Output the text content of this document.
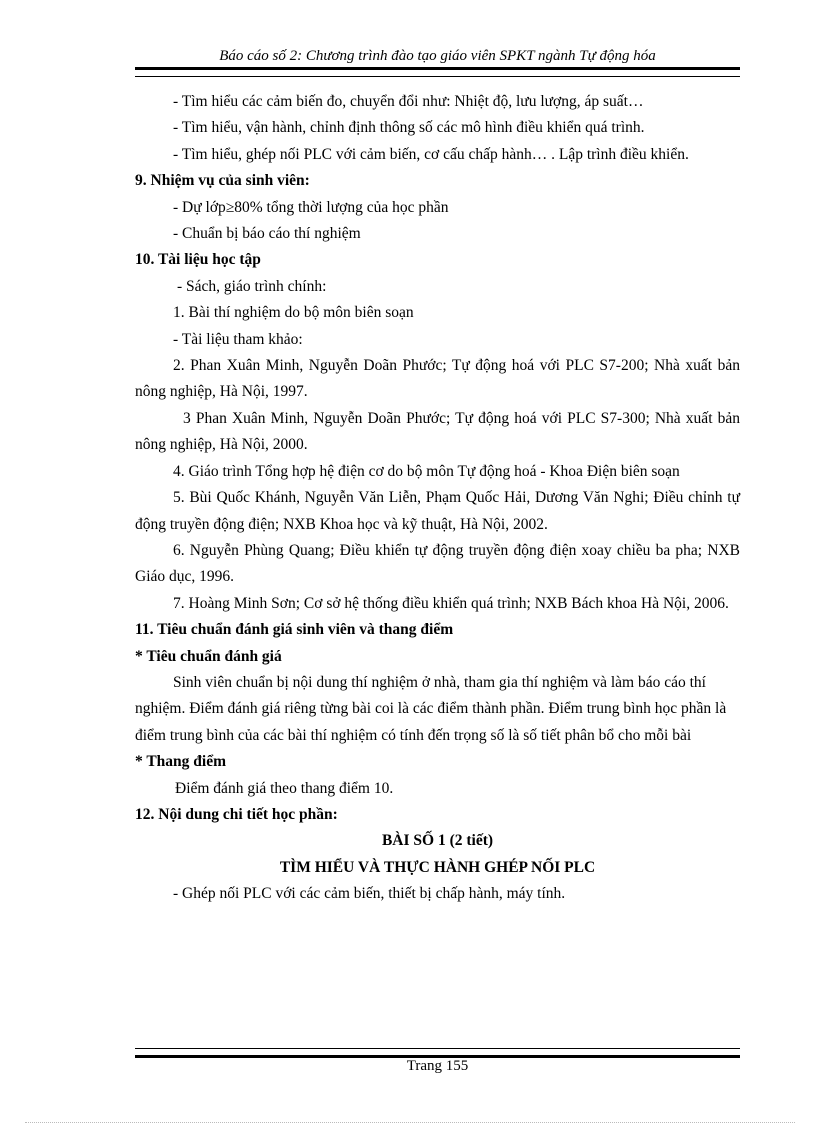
Báo cáo số 2: Chương trình đào tạo giáo viên SPKT ngành Tự động hóa

- Tìm hiểu các cảm biến đo, chuyển đổi như: Nhiệt độ, lưu lượng, áp suất…

- Tìm hiểu, vận hành, chỉnh định thông số các mô hình điều khiển quá trình.

- Tìm hiểu, ghép nối PLC với cảm biến, cơ cấu chấp hành… . Lập trình điều khiển.

9. Nhiệm vụ của sinh viên:

- Dự lớp≥80% tổng thời lượng của học phần

- Chuẩn bị báo cáo thí nghiệm

10. Tài liệu học tập

- Sách, giáo trình chính:

1. Bài thí nghiệm do bộ môn biên soạn

- Tài liệu tham khảo:

2. Phan Xuân Minh, Nguyễn Doãn Phước; Tự động hoá với PLC S7-200; Nhà xuất bản nông nghiệp, Hà Nội, 1997.

3 Phan Xuân Minh, Nguyễn Doãn Phước; Tự động hoá với PLC S7-300; Nhà xuất bản nông nghiệp, Hà Nội, 2000.

4. Giáo trình Tổng hợp hệ điện cơ do bộ môn Tự động hoá - Khoa Điện biên soạn

5. Bùi Quốc Khánh, Nguyễn Văn Liễn, Phạm Quốc Hải, Dương Văn Nghi; Điều chỉnh tự động truyền động điện; NXB Khoa học và kỹ thuật, Hà Nội, 2002.

6. Nguyễn Phùng Quang; Điều khiển tự động truyền động điện xoay chiều ba pha; NXB Giáo dục, 1996.

7. Hoàng Minh Sơn; Cơ sở hệ thống điều khiển quá trình; NXB Bách khoa Hà Nội, 2006.

11. Tiêu chuẩn đánh giá sinh viên và thang điểm

* Tiêu chuẩn đánh giá

Sinh viên chuẩn bị nội dung thí nghiệm ở nhà, tham gia thí nghiệm và làm báo cáo thí nghiệm. Điểm đánh giá riêng từng bài coi là các điểm thành phần. Điểm trung bình học phần là điểm trung bình của các bài thí nghiệm có tính đến trọng số là số tiết phân bổ cho mỗi bài

* Thang điểm

Điểm đánh giá theo thang điểm 10.

12. Nội dung chi tiết học phần:

BÀI SỐ 1 (2 tiết)

TÌM HIỂU VÀ THỰC HÀNH GHÉP NỐI PLC

- Ghép nối PLC với các cảm biến, thiết bị chấp hành, máy tính.

Trang 155
